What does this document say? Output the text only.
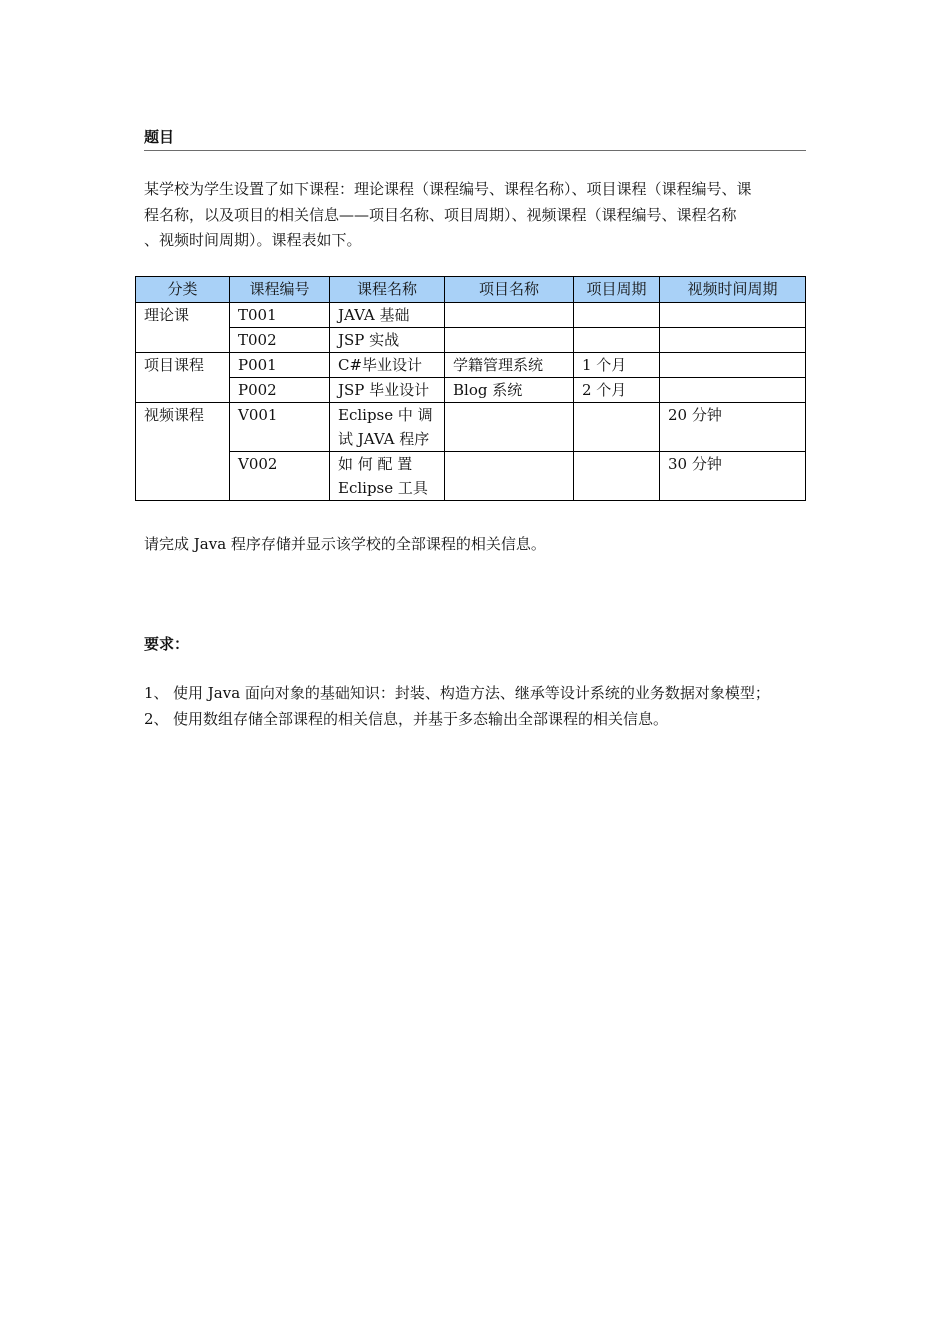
题目

某学校为学生设置了如下课程：理论课程（课程编号、课程名称）、项目课程（课程编号、课
程名称，以及项目的相关信息——项目名称、项目周期）、视频课程（课程编号、课程名称
、视频时间周期）。课程表如下。

分类	课程编号	课程名称	项目名称	项目周期	视频时间周期
理论课	T001	JAVA 基础			
	T002	JSP 实战			
项目课程	P001	C#毕业设计	学籍管理系统	1 个月	
	P002	JSP 毕业设计	Blog 系统	2 个月	
视频课程	V001	Eclipse 中 调
试 JAVA 程序			20 分钟
	V002	如 何 配 置
Eclipse 工具			30 分钟
请完成 Java 程序存储并显示该学校的全部课程的相关信息。
要求：
1、 使用 Java 面向对象的基础知识：封装、构造方法、继承等设计系统的业务数据对象模型；
2、 使用数组存储全部课程的相关信息，并基于多态输出全部课程的相关信息。
